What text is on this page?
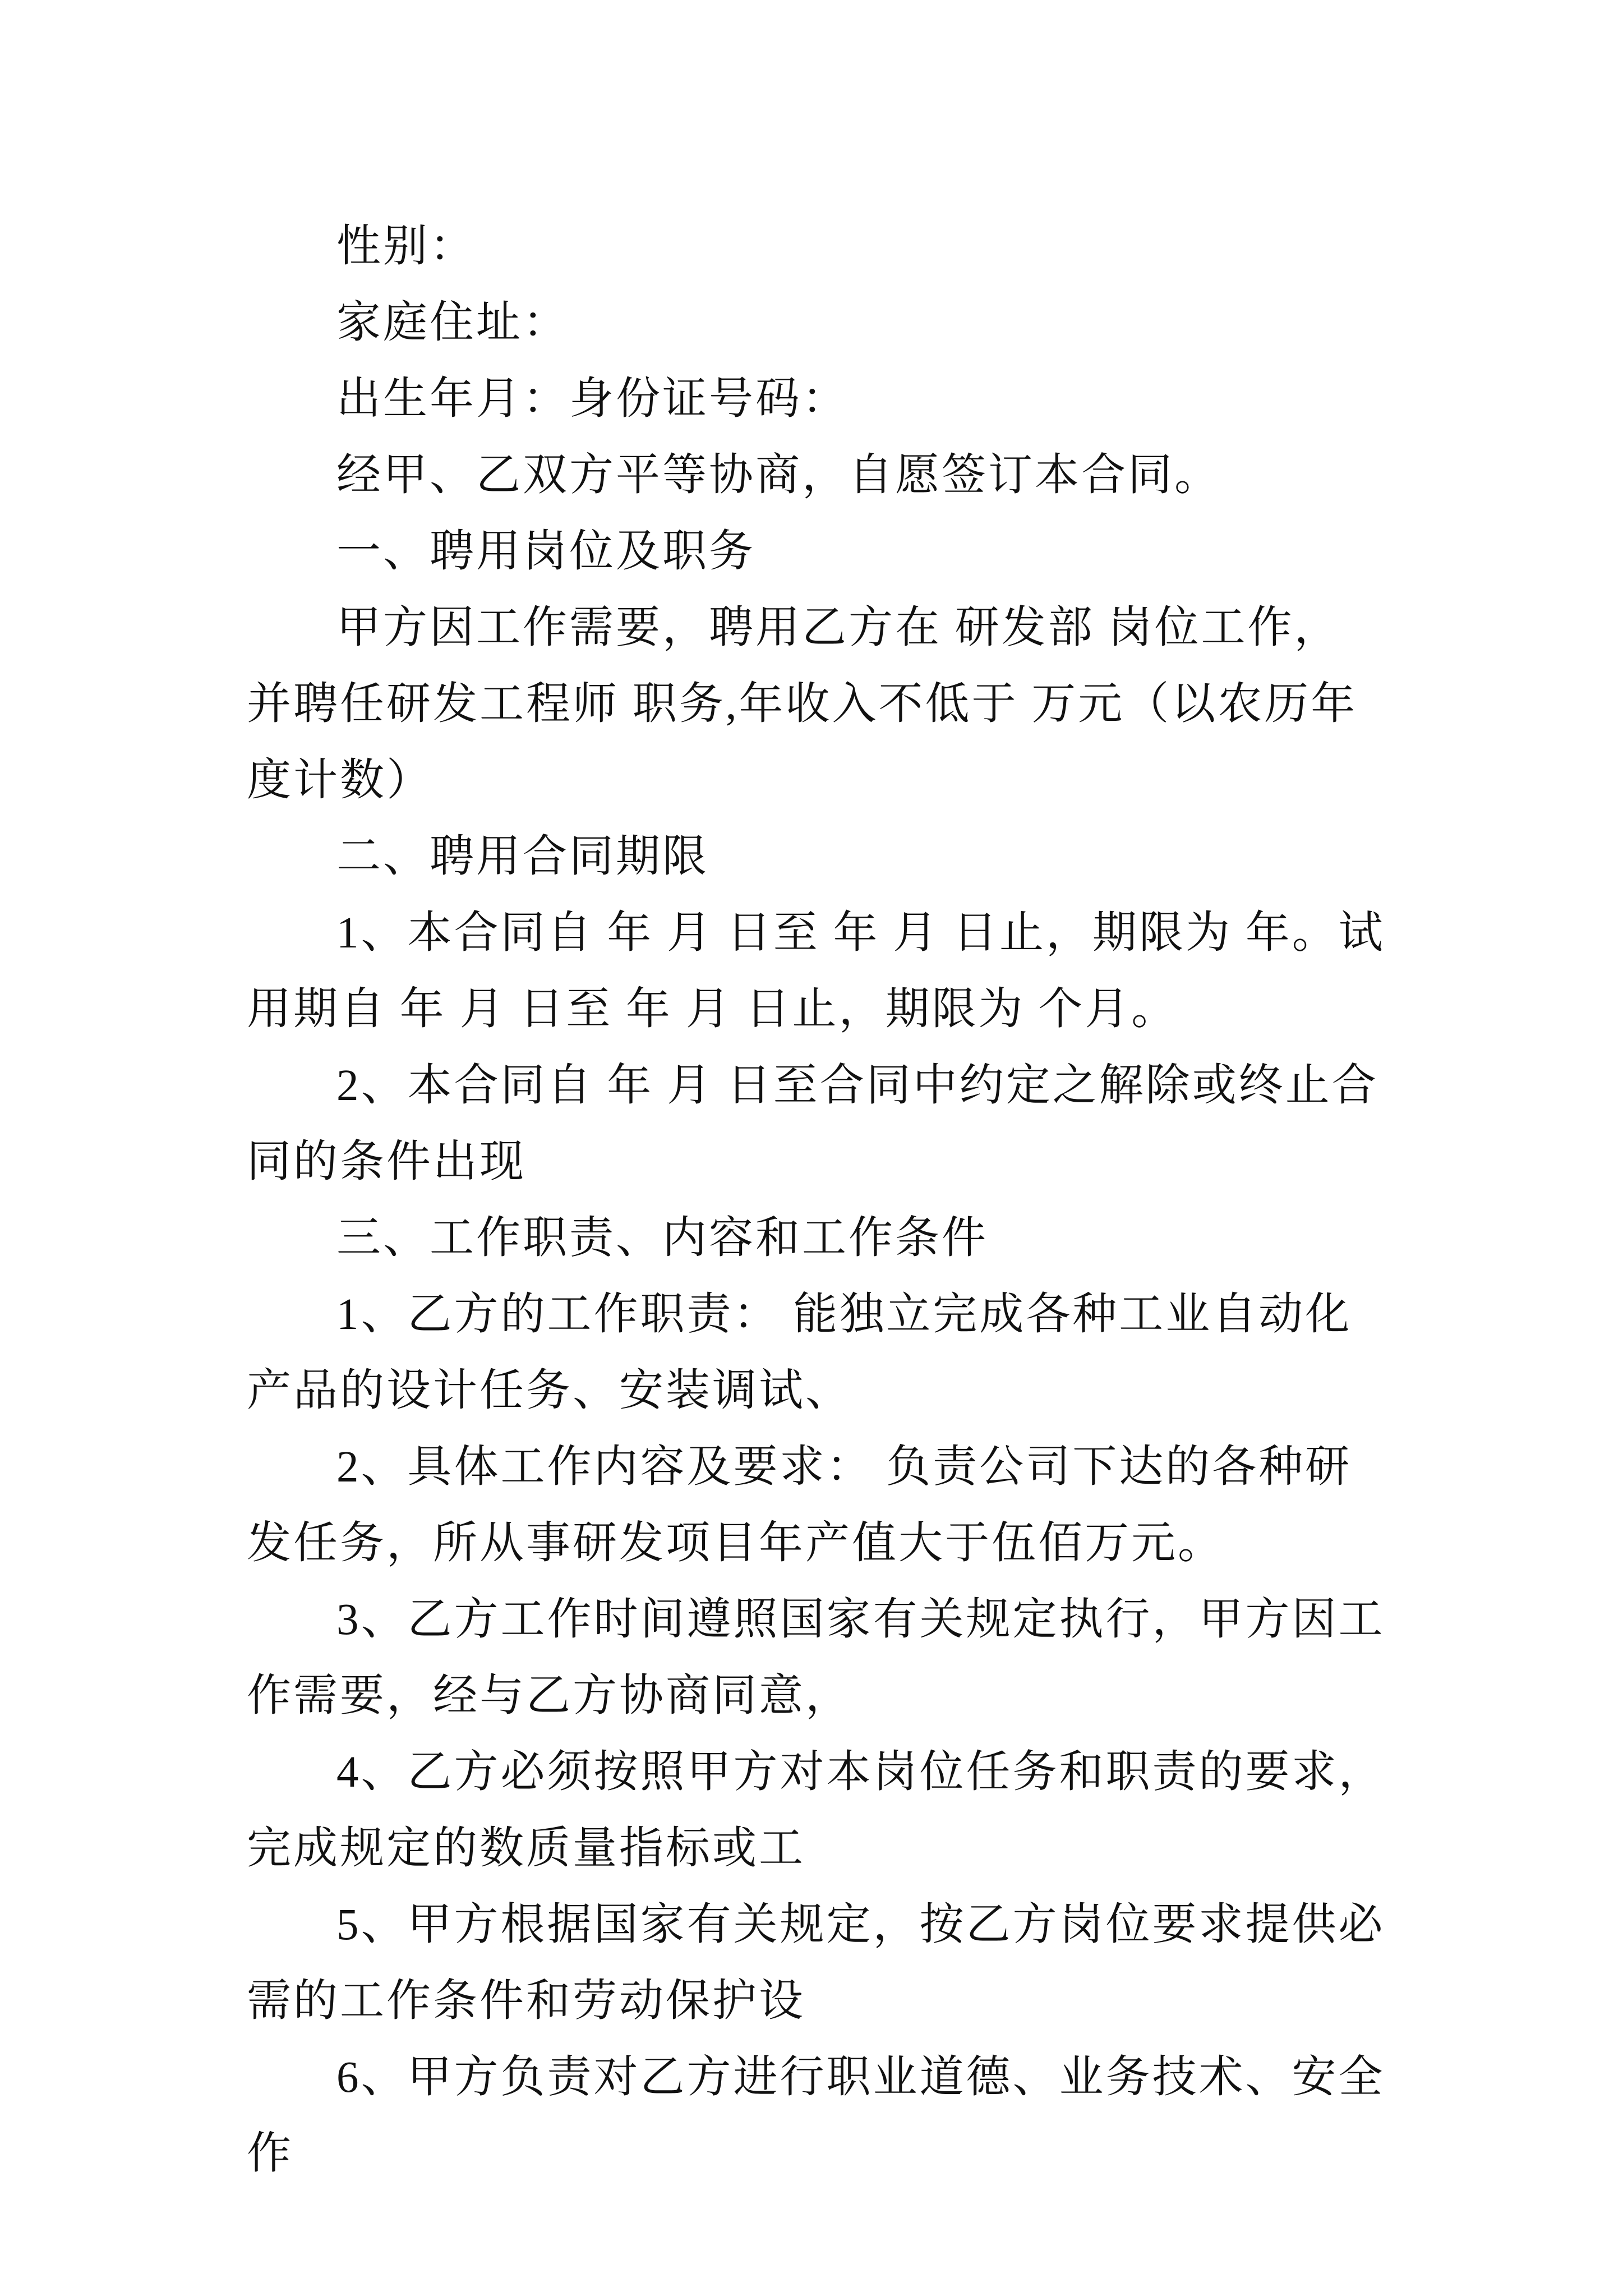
性别：

家庭住址：

出生年月：身份证号码：

经甲、乙双方平等协商，自愿签订本合同。

一、聘用岗位及职务

甲方因工作需要，聘用乙方在 研发部 岗位工作，并聘任研发工程师 职务,年收入不低于 万元（以农历年度计数）

二、聘用合同期限

1、本合同自 年 月 日至 年 月 日止，期限为 年。试用期自 年 月 日至 年 月 日止，期限为 个月。

2、本合同自 年 月 日至合同中约定之解除或终止合同的条件出现

三、工作职责、内容和工作条件

1、乙方的工作职责： 能独立完成各种工业自动化产品的设计任务、安装调试、

2、具体工作内容及要求： 负责公司下达的各种研发任务，所从事研发项目年产值大于伍佰万元。

3、乙方工作时间遵照国家有关规定执行，甲方因工作需要，经与乙方协商同意，

4、乙方必须按照甲方对本岗位任务和职责的要求，完成规定的数质量指标或工

5、甲方根据国家有关规定，按乙方岗位要求提供必需的工作条件和劳动保护设

6、甲方负责对乙方进行职业道德、业务技术、安全作
